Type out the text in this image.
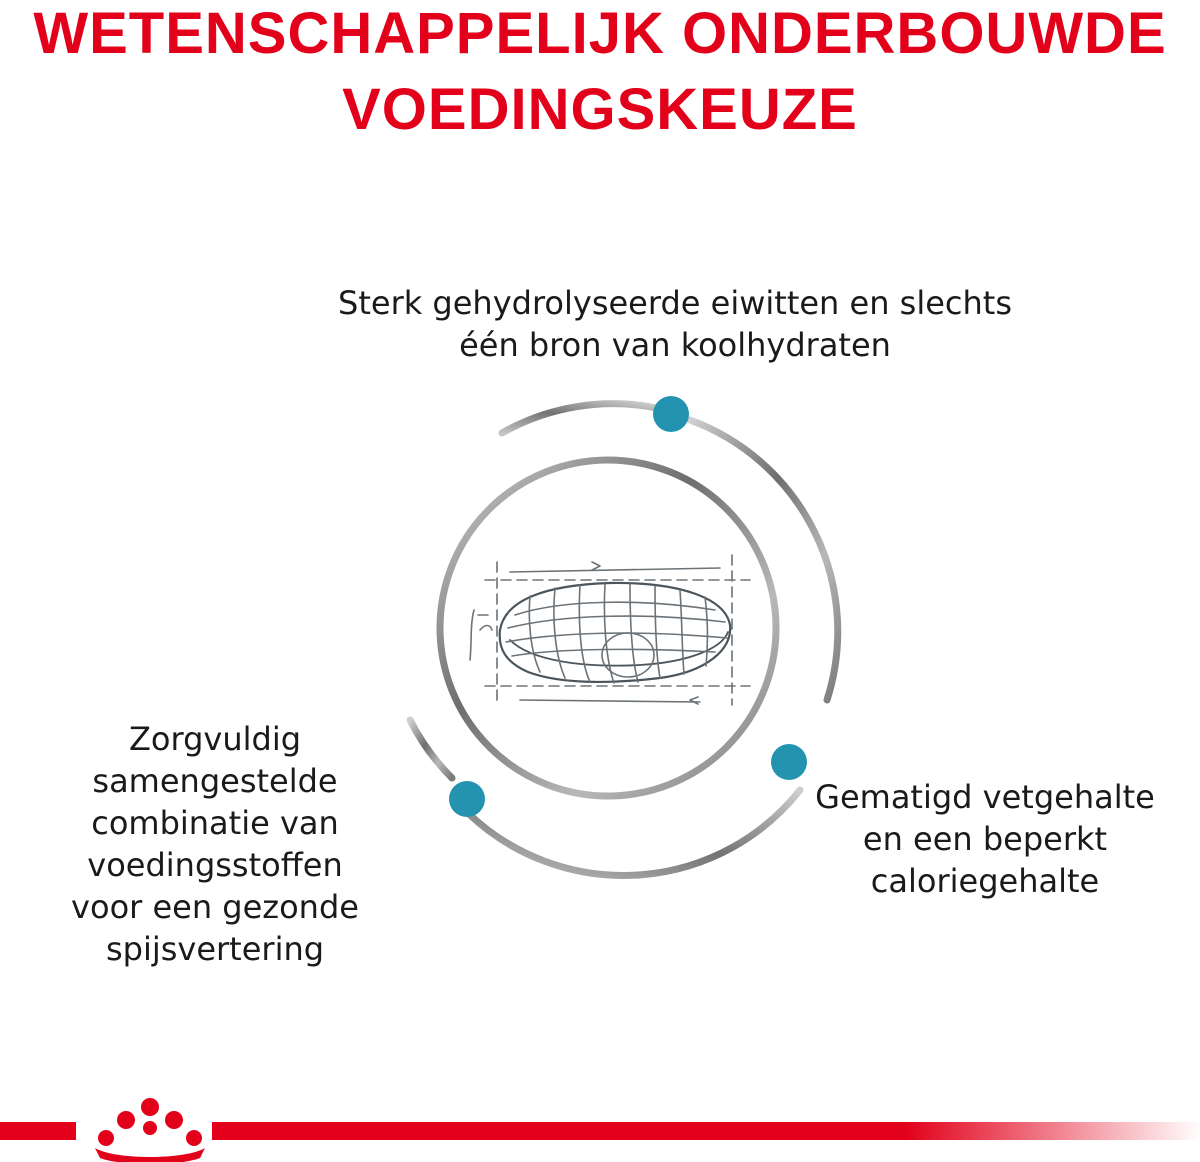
WETENSCHAPPELIJK ONDERBOUWDE
VOEDINGSKEUZE

Sterk gehydrolyseerde eiwitten en slechts
één bron van koolhydraten

Zorgvuldig
samengestelde
combinatie van
voedingsstoffen
voor een gezonde
spijsvertering

Gematigd vetgehalte
en een beperkt
caloriegehalte
